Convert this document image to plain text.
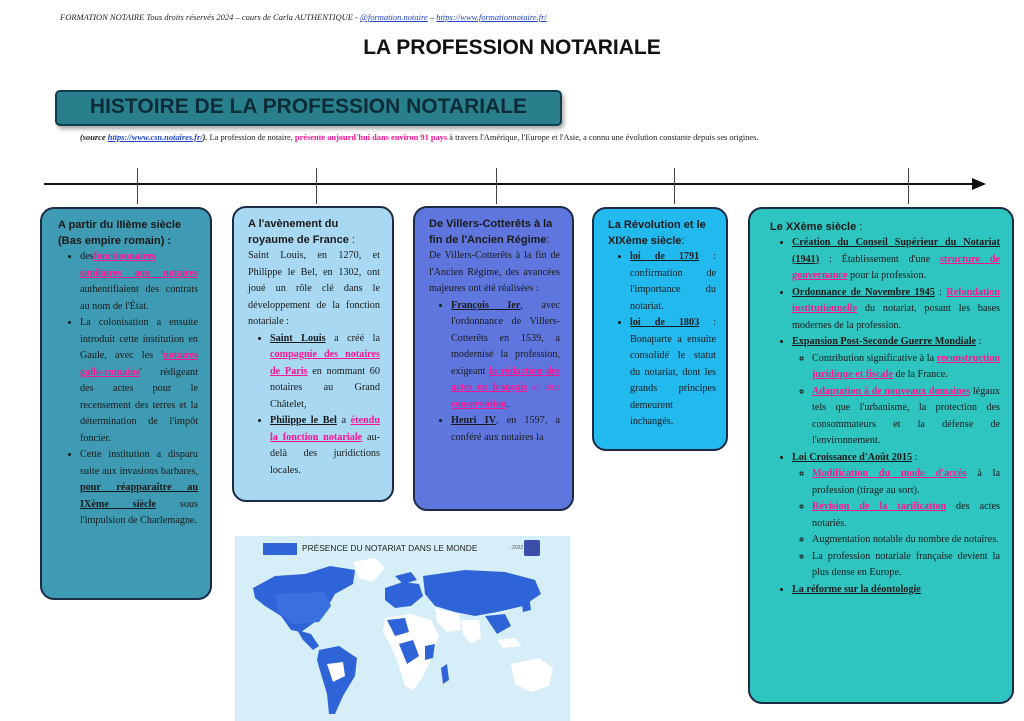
FORMATION NOTAIRE Tous droits réservés 2024 – cours de Carla AUTHENTIQUE - @formation.notaire – https://www.formationnotaire.fr/
LA PROFESSION NOTARIALE
HISTOIRE DE LA PROFESSION NOTARIALE
(source https://www.csn.notaires.fr/). La profession de notaire, présente aujourd'hui dans environ 91 pays à travers l'Amérique, l'Europe et l'Asie, a connu une évolution constante depuis ses origines.
A partir du IIIème siècle (Bas empire romain) :
• desfonctionnaires similaires aux notaires authentifiaient des contrats au nom de l'État.
• La colonisation a ensuite introduit cette institution en Gaule, avec les 'notaires gallo-romains' rédigeant des actes pour le recensement des terres et la détermination de l'impôt foncier.
• Cette institution a disparu suite aux invasions barbares, pour réapparaître au IXème siècle sous l'impulsion de Charlemagne.
A l'avènement du royaume de France :
Saint Louis, en 1270, et Philippe le Bel, en 1302, ont joué un rôle clé dans le développement de la fonction notariale :
• Saint Louis a créé la compagnie des notaires de Paris en nommant 60 notaires au Grand Châtelet,
• Philippe le Bel a étendu la fonction notariale au-delà des juridictions locales.
De Villers-Cotterêts à la fin de l'Ancien Régime:
De Villers-Cotterêts à la fin de l'Ancien Régime, des avancées majeures ont été réalisées :
• François Ier, avec l'ordonnance de Villers-Cotterêts en 1539, a modernisé la profession, exigeant la rédaction des actes en français et leur conservation.
• Henri IV, en 1597, a conféré aux notaires la
La Révolution et le XIXème siècle:
• loi de 1791 : confirmation de l'importance du notariat.
• loi de 1803 : Bonaparte a ensuite consolidé le statut du notariat, dont les grands principes demeurent inchangés.
Le XXème siècle :
• Création du Conseil Supérieur du Notariat (1941) : Établissement d'une structure de gouvernance pour la profession.
• Ordonnance de Novembre 1945 : Refondation institutionnelle du notariat, posant les bases modernes de la profession.
• Expansion Post-Seconde Guerre Mondiale :
◦ Contribution significative à la reconstruction juridique et fiscale de la France.
◦ Adaptation à de nouveaux domaines légaux tels que l'urbanisme, la protection des consommateurs et la défense de l'environnement.
• Loi Croissance d'Août 2015 :
◦ Modification du mode d'accès à la profession (tirage au sort).
◦ Révision de la tarification des actes notariés.
◦ Augmentation notable du nombre de notaires.
◦ La profession notariale française devient la plus dense en Europe.
• La réforme sur la déontologie
PRÉSENCE DU NOTARIAT DANS LE MONDE	- 2022
